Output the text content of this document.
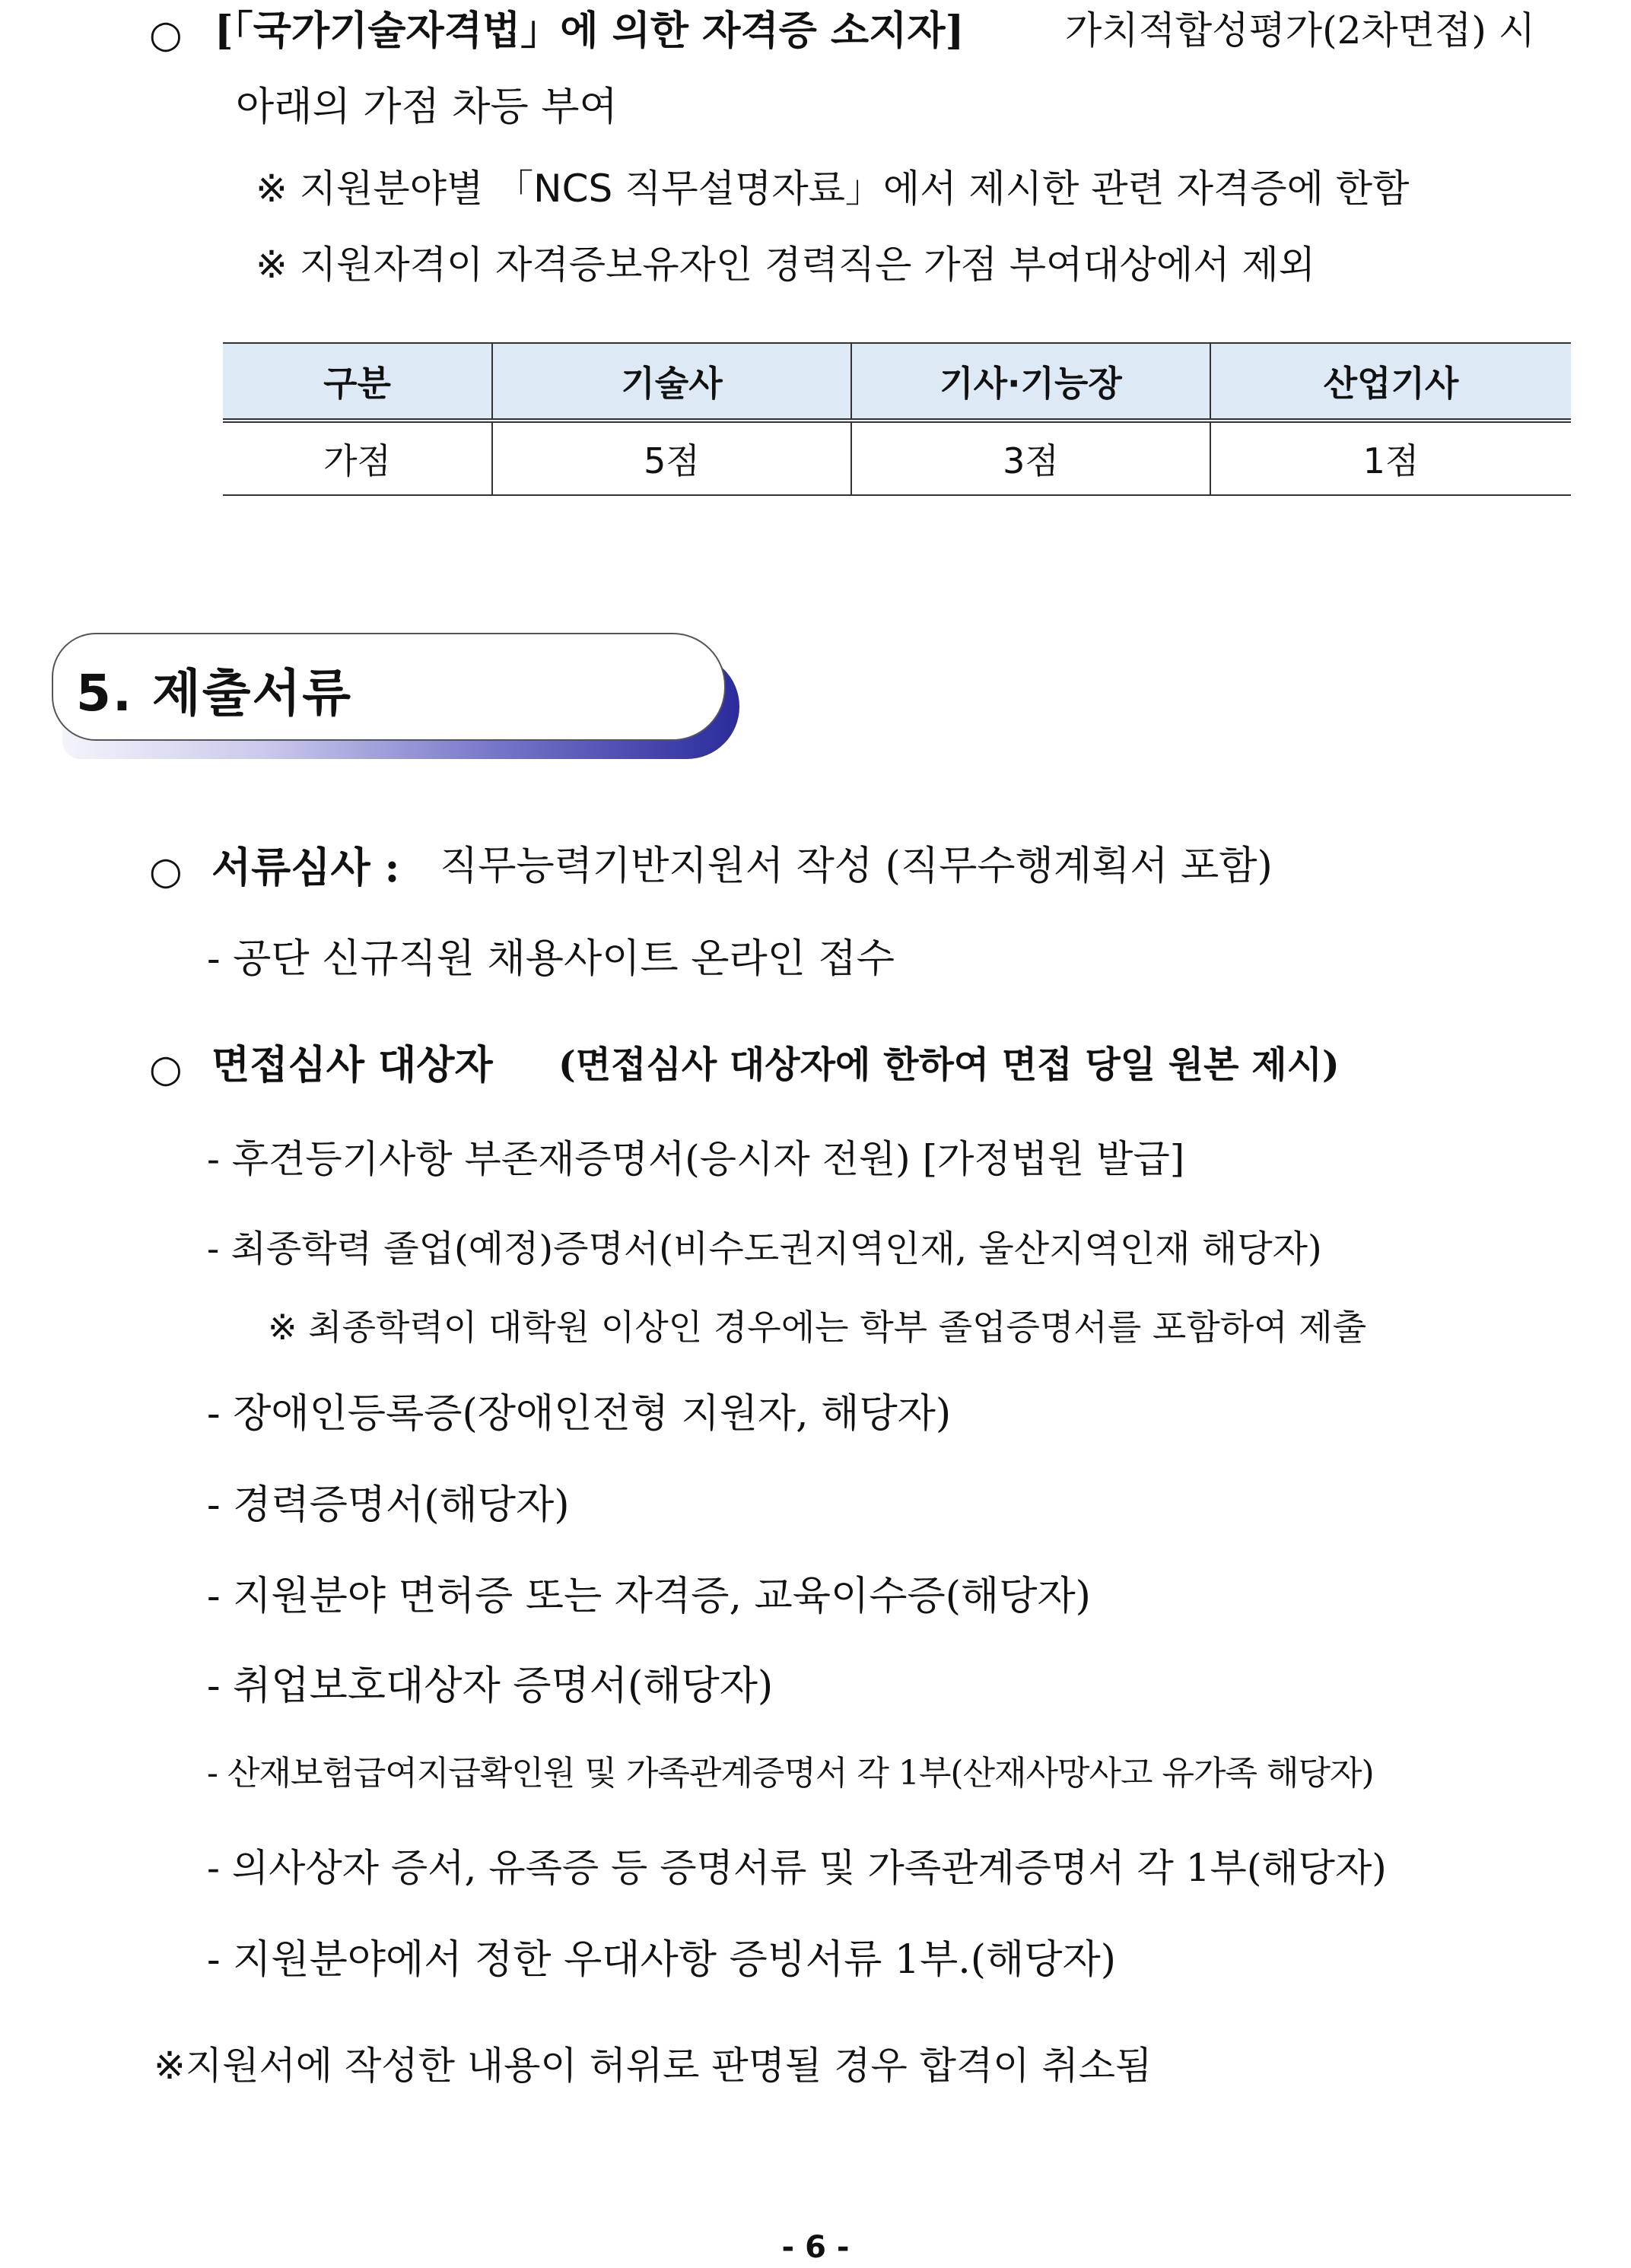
○ [「국가기술자격법」에 의한 자격증 소지자]	가치적합성평가(2차면접) 시
아래의 가점 차등 부여
※ 지원분야별 「NCS 직무설명자료」에서 제시한 관련 자격증에 한함
※ 지원자격이 자격증보유자인 경력직은 가점 부여대상에서 제외
구분	기술사	기사·기능장	산업기사
가점	5점	3점	1점
5. 제출서류
○ 서류심사 : 직무능력기반지원서 작성 (직무수행계획서 포함)
- 공단 신규직원 채용사이트 온라인 접수
○ 면접심사 대상자 (면접심사 대상자에 한하여 면접 당일 원본 제시)
- 후견등기사항 부존재증명서(응시자 전원) [가정법원 발급]
- 최종학력 졸업(예정)증명서(비수도권지역인재, 울산지역인재 해당자)
※ 최종학력이 대학원 이상인 경우에는 학부 졸업증명서를 포함하여 제출
- 장애인등록증(장애인전형 지원자, 해당자)
- 경력증명서(해당자)
- 지원분야 면허증 또는 자격증, 교육이수증(해당자)
- 취업보호대상자 증명서(해당자)
- 산재보험급여지급확인원 및 가족관계증명서 각 1부(산재사망사고 유가족 해당자)
- 의사상자 증서, 유족증 등 증명서류 및 가족관계증명서 각 1부(해당자)
- 지원분야에서 정한 우대사항 증빙서류 1부.(해당자)
※지원서에 작성한 내용이 허위로 판명될 경우 합격이 취소됨
- 6 -
